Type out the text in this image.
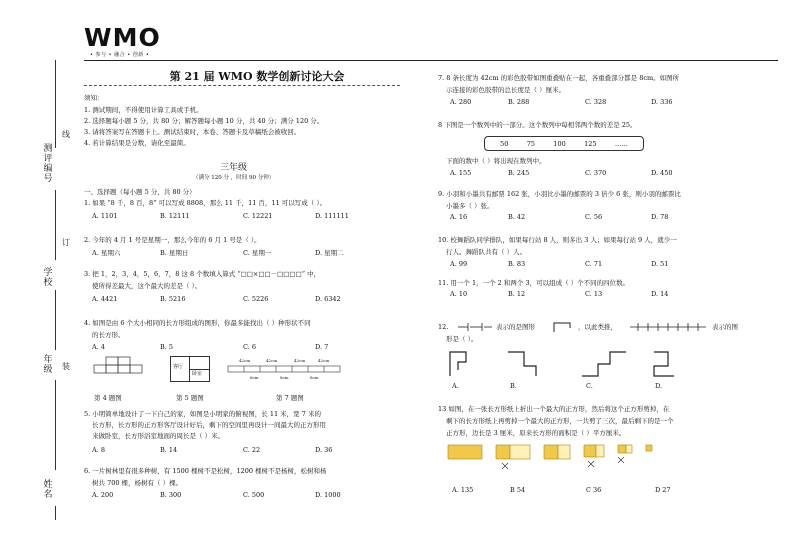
WMO
• 参与 • 融合 • 创新 •
测评编号
学校
年级
姓名
线
订
装
第 21 届 WMO 数学创新讨论大会
须知：
1. 测试期间，不得使用计算工具或手机。
2. 选择题每小题 5 分，共 80 分；解答题每小题 10 分，共 40 分；满分 120 分。
3. 请将答案写在答题卡上。测试结束时，本卷、答题卡及草稿纸会被收回。
4. 若计算结果是分数，请化至最简。
三年级
（满分 120 分 ，时间 90 分钟）
一、选择题（每小题 5 分，共 80 分）
1. 如果 “8 千，8 百，8” 可以写成 8808，那么 11 千，11 百，11 可以写成（ ）。
A. 1101	B. 12111	C. 12221	D. 111111
2. 今年的 4 月 1 号是星期一，那么今年的 6 月 1 号是（ ）。
A. 星期六	B. 星期日	C. 星期一	D. 星期二
3. 把 1，2，3，4，5，6，7，8 这 8 个数填入算式 “□□×□□－□□□□” 中，
使所得差最大，这个最大的差是（ ）。
A. 4421	B. 5216	C. 5226	D. 6342
4. 如图是由 6 个大小相同的长方形组成的图形，你最多能找出（ ）种形状不同
的长方形。
A. 4	B. 5	C. 6	D. 7
客厅
卧室
42cm	42cm	42cm	42cm
8cm	8cm	8cm
第 4 题图	第 5 题图	第 7 题图
5. 小明简单地设计了一下自己的家，如图是小明家的俯视图，长 11 米，宽 7 米的
长方形，长方形的正方形客厅设计好后，剩下的空间里再设计一间最大的正方形用
来做卧室，长方形浴室地面的周长是（ ）米。
A. 8	B. 14	C. 22	D. 36
6. 一片树林里有很多种树，有 1500 棵树不是松树，1200 棵树不是杨树，松树和杨
树共 700 棵，杨树有（ ）棵。
A. 200	B. 300	C. 500	D. 1000
7. 8 条长度为 42cm 的彩色胶带如图重叠贴在一起，各重叠部分都是 8cm。如图所
示连接的彩色胶带的总长度是（ ）厘米。
A. 280	B. 288	C. 328	D. 336
8 下图是一个数列中的一部分。这个数列中每相邻两个数的差是 25。
50	75	100	125	……
下面的数中（ ）将出现在数列中。
A. 155	B. 245	C. 370	D. 450
9. 小羽和小墨共有邮票 162 张，小羽比小墨的邮票的 3 倍少 6 张，则小羽的邮票比
小墨多（ ）张。
A. 16	B. 42	C. 56	D. 78
10. 校舞蹈队同学排队，如果每行站 8 人，则多出 3 人；如果每行站 9 人，就少一
行人。舞蹈队共有（ ）人。
A. 99	B. 83	C. 71	D. 51
11. 用一个 1，一个 2 和两个 3，可以组成（ ）个不同的四位数。
A. 10	B. 12	C. 13	D. 14
12.	表示的是图形	，以此类推，	表示的图
形是（ ）。
A.	B.	C.	D.
13 如图，在一张长方形纸上折出一个最大的正方形，然后将这个正方形剪掉，在
剩下的长方形纸上再剪掉一个最大的正方形，一共剪了三次，最后剩下的是一个
正方形，边长是 3 厘米，原来长方形的面积是（ ）平方厘米。
A. 135	B 54	C 36	D 27
